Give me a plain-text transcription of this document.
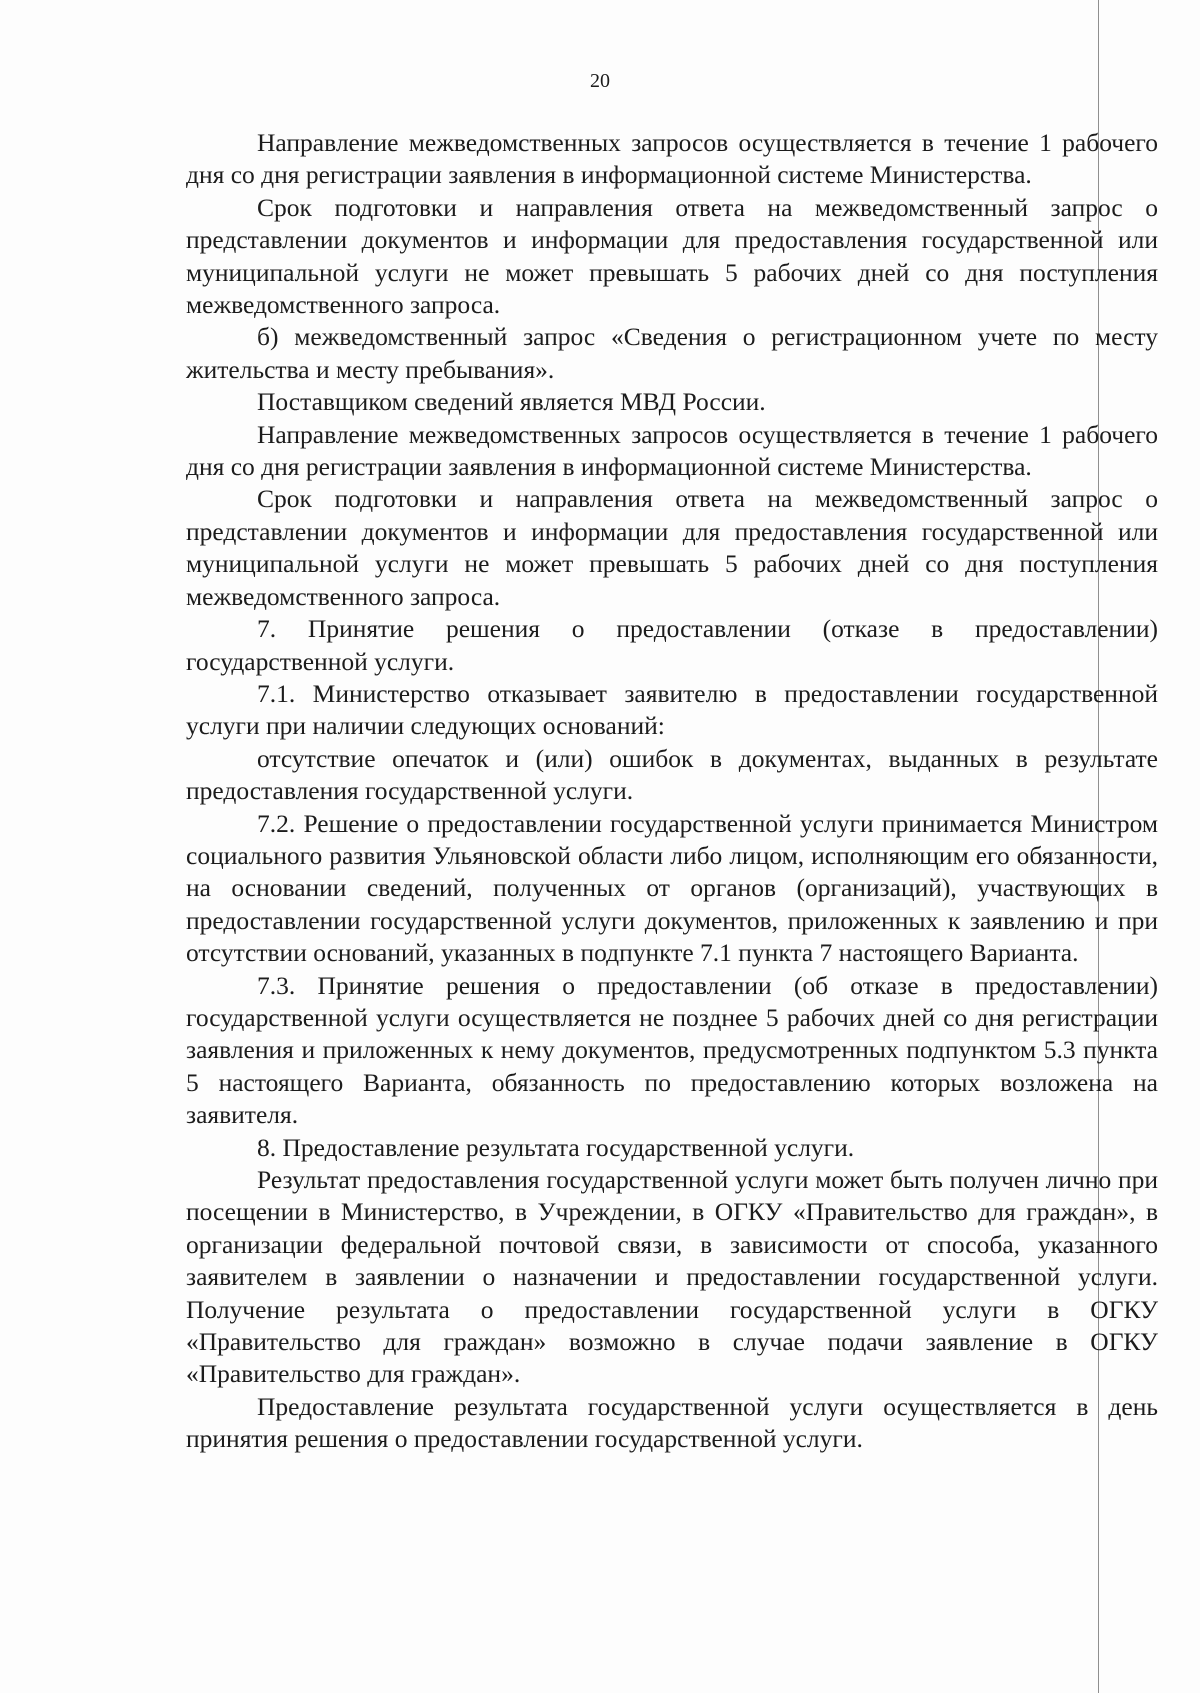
20

Направление межведомственных запросов осуществляется в течение 1 рабочего дня со дня регистрации заявления в информационной системе Министерства.

Срок подготовки и направления ответа на межведомственный запрос о представлении документов и информации для предоставления государственной или муниципальной услуги не может превышать 5 рабочих дней со дня поступления межведомственного запроса.

б) межведомственный запрос «Сведения о регистрационном учете по месту жительства и месту пребывания».

Поставщиком сведений является МВД России.

Направление межведомственных запросов осуществляется в течение 1 рабочего дня со дня регистрации заявления в информационной системе Министерства.

Срок подготовки и направления ответа на межведомственный запрос о представлении документов и информации для предоставления государственной или муниципальной услуги не может превышать 5 рабочих дней со дня поступления межведомственного запроса.

7. Принятие решения о предоставлении (отказе в предоставлении) государственной услуги.

7.1. Министерство отказывает заявителю в предоставлении государственной услуги при наличии следующих оснований:

отсутствие опечаток и (или) ошибок в документах, выданных в результате предоставления государственной услуги.

7.2. Решение о предоставлении государственной услуги принимается Министром социального развития Ульяновской области либо лицом, исполняющим его обязанности, на основании сведений, полученных от органов (организаций), участвующих в предоставлении государственной услуги документов, приложенных к заявлению и при отсутствии оснований, указанных в подпункте 7.1 пункта 7 настоящего Варианта.

7.3. Принятие решения о предоставлении (об отказе в предоставлении) государственной услуги осуществляется не позднее 5 рабочих дней со дня регистрации заявления и приложенных к нему документов, предусмотренных подпунктом 5.3 пункта 5 настоящего Варианта, обязанность по предоставлению которых возложена на заявителя.

8. Предоставление результата государственной услуги.

Результат предоставления государственной услуги может быть получен лично при посещении в Министерство, в Учреждении, в ОГКУ «Правительство для граждан», в организации федеральной почтовой связи, в зависимости от способа, указанного заявителем в заявлении о назначении и предоставлении государственной услуги. Получение результата о предоставлении государственной услуги в ОГКУ «Правительство для граждан» возможно в случае подачи заявление в ОГКУ «Правительство для граждан».

Предоставление результата государственной услуги осуществляется в день принятия решения о предоставлении государственной услуги.
